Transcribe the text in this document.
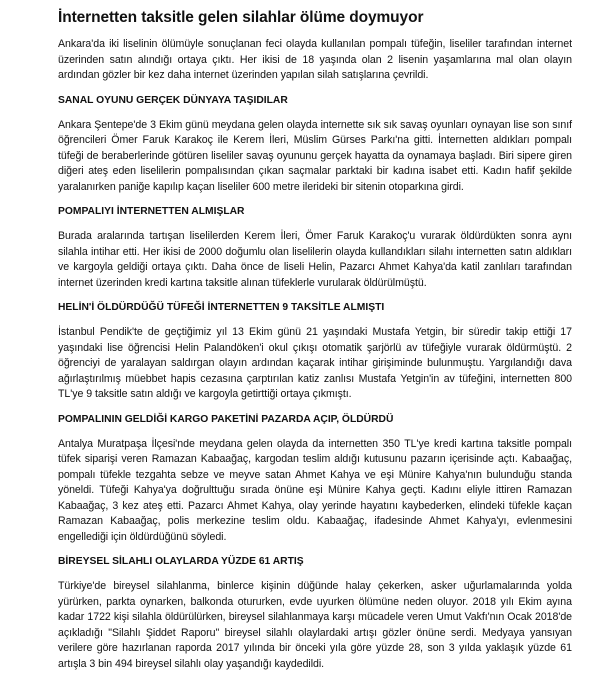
İnternetten taksitle gelen silahlar ölüme doymuyor

Ankara'da iki liselinin ölümüyle sonuçlanan feci olayda kullanılan pompalı tüfeğin, liseliler tarafından internet üzerinden satın alındığı ortaya çıktı. Her ikisi de 18 yaşında olan 2 lisenin yaşamlarına mal olan olayın ardından gözler bir kez daha internet üzerinden yapılan silah satışlarına çevrildi.

SANAL OYUNU GERÇEK DÜNYAYA TAŞIDILAR

Ankara Şentepe'de 3 Ekim günü meydana gelen olayda internette sık sık savaş oyunları oynayan lise son sınıf öğrencileri Ömer Faruk Karakoç ile Kerem İleri, Müslim Gürses Parkı'na gitti. İnternetten aldıkları pompalı tüfeği de beraberlerinde götüren liseliler savaş oyununu gerçek hayatta da oynamaya başladı. Biri sipere giren diğeri ateş eden liselilerin pompalısından çıkan saçmalar parktaki bir kadına isabet etti. Kadın hafif şekilde yaralanırken paniğe kapılıp kaçan liseliler 600 metre ilerideki bir sitenin otoparkına girdi.

POMPALIYI İNTERNETTEN ALMIŞLAR

Burada aralarında tartışan liselilerden Kerem İleri, Ömer Faruk Karakoç'u vurarak öldürdükten sonra aynı silahla intihar etti. Her ikisi de 2000 doğumlu olan liselilerin olayda kullandıkları silahı internetten satın aldıkları ve kargoyla geldiği ortaya çıktı. Daha önce de liseli Helin, Pazarcı Ahmet Kahya'da katil zanlıları tarafından internet üzerinden kredi kartına taksitle alınan tüfeklerle vurularak öldürülmüştü.

HELİN'İ ÖLDÜRDÜĞÜ TÜFEĞİ İNTERNETTEN 9 TAKSİTLE ALMIŞTI

İstanbul Pendik'te de geçtiğimiz yıl 13 Ekim günü 21 yaşındaki Mustafa Yetgin, bir süredir takip ettiği 17 yaşındaki lise öğrencisi Helin Palandöken'i okul çıkışı otomatik şarjörlü av tüfeğiyle vurarak öldürmüştü. 2 öğrenciyi de yaralayan saldırgan olayın ardından kaçarak intihar girişiminde bulunmuştu. Yargılandığı dava ağırlaştırılmış müebbet hapis cezasına çarptırılan katiz zanlısı Mustafa Yetgin'in av tüfeğini, internetten 800 TL'ye 9 taksitle satın aldığı ve kargoyla getirttiği ortaya çıkmıştı.

POMPALININ GELDİĞİ KARGO PAKETİNİ PAZARDA AÇIP, ÖLDÜRDÜ

Antalya Muratpaşa İlçesi'nde meydana gelen olayda da internetten 350 TL'ye kredi kartına taksitle pompalı tüfek siparişi veren Ramazan Kabaağaç, kargodan teslim aldığı kutusunu pazarın içerisinde açtı. Kabaağaç, pompalı tüfekle tezgahta sebze ve meyve satan Ahmet Kahya ve eşi Münire Kahya'nın bulunduğu standa yöneldi. Tüfeği Kahya'ya doğrulttuğu sırada önüne eşi Münire Kahya geçti. Kadını eliyle ittiren Ramazan Kabaağaç, 3 kez ateş etti. Pazarcı Ahmet Kahya, olay yerinde hayatını kaybederken, elindeki tüfekle kaçan Ramazan Kabaağaç, polis merkezine teslim oldu. Kabaağaç, ifadesinde Ahmet Kahya'yı, evlenmesini engellediği için öldürdüğünü söyledi.

BİREYSEL SİLAHLI OLAYLARDA YÜZDE 61 ARTIŞ

Türkiye'de bireysel silahlanma, binlerce kişinin düğünde halay çekerken, asker uğurlamalarında yolda yürürken, parkta oynarken, balkonda otururken, evde uyurken ölümüne neden oluyor. 2018 yılı Ekim ayına kadar 1722 kişi silahla öldürülürken, bireysel silahlanmaya karşı mücadele veren Umut Vakfı'nın Ocak 2018'de açıkladığı "Silahlı Şiddet Raporu" bireysel silahlı olaylardaki artışı gözler önüne serdi. Medyaya yansıyan verilere göre hazırlanan raporda 2017 yılında bir önceki yıla göre yüzde 28, son 3 yılda yaklaşık yüzde 61 artışla 3 bin 494 bireysel silahlı olay yaşandığı kaydedildi.
